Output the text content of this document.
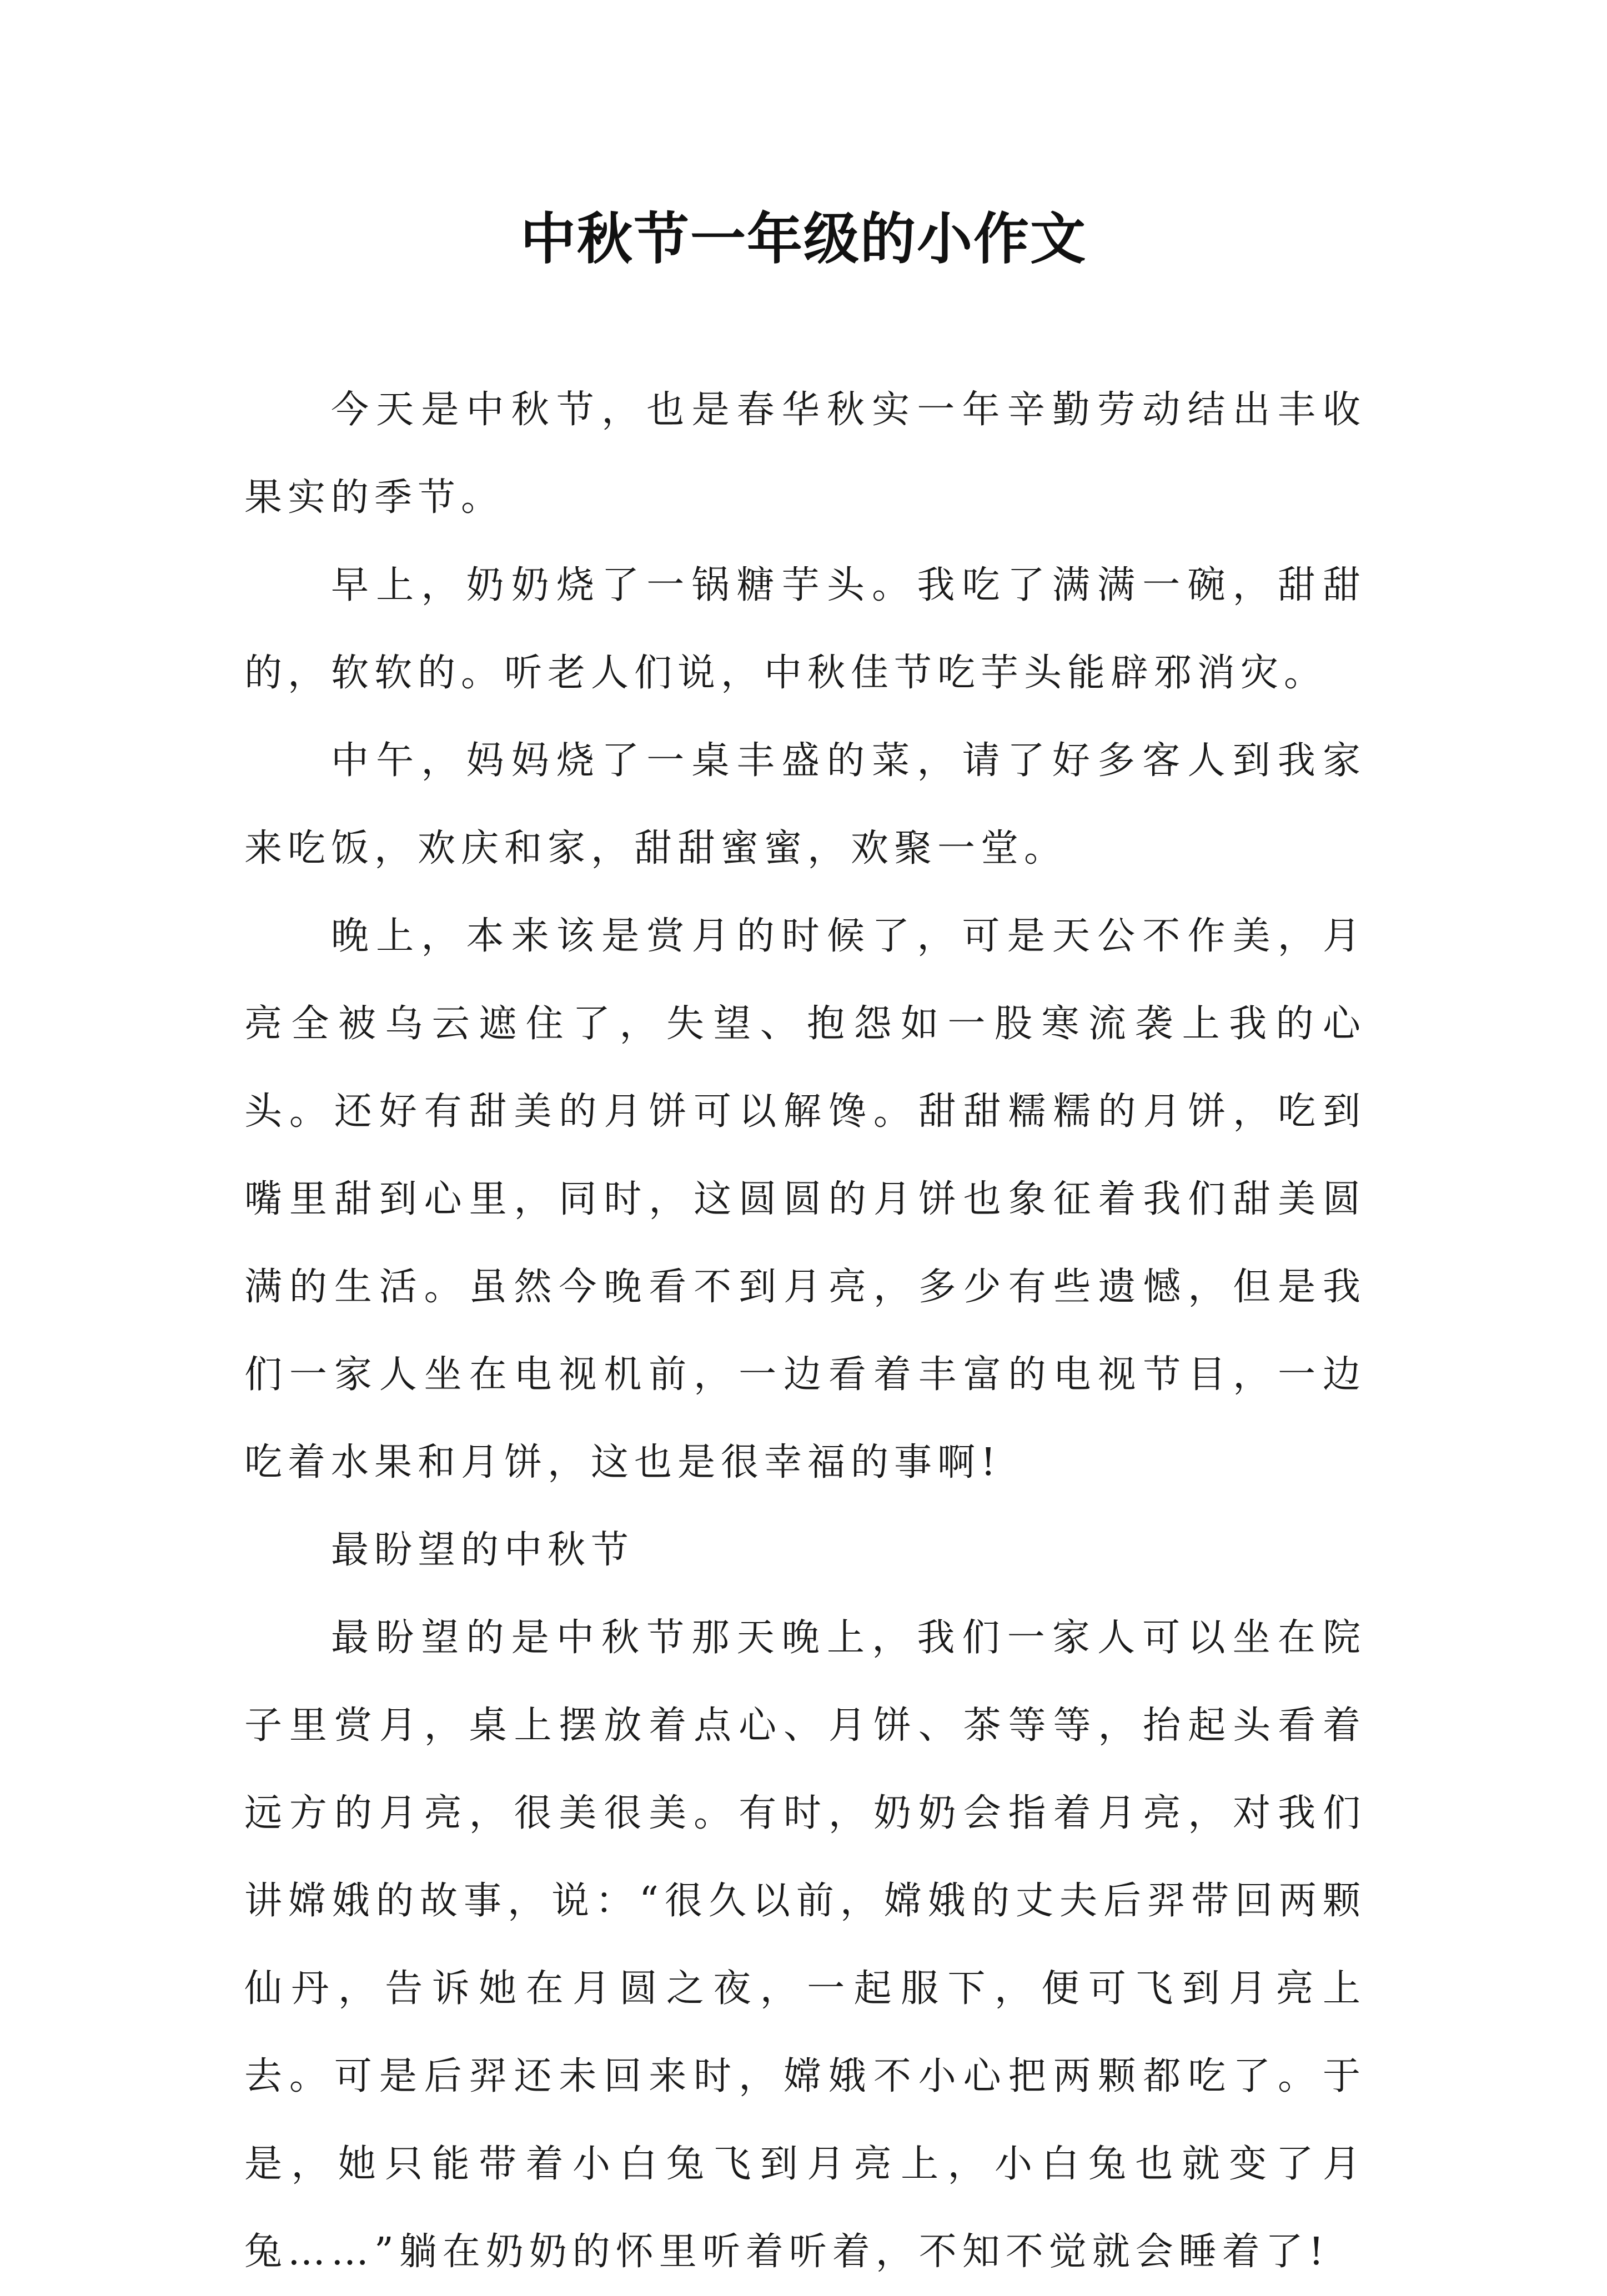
中秋节一年级的小作文

今天是中秋节，也是春华秋实一年辛勤劳动结出丰收果实的季节。

早上，奶奶烧了一锅糖芋头。我吃了满满一碗，甜甜的，软软的。听老人们说，中秋佳节吃芋头能辟邪消灾。

中午，妈妈烧了一桌丰盛的菜，请了好多客人到我家来吃饭，欢庆和家，甜甜蜜蜜，欢聚一堂。

晚上，本来该是赏月的时候了，可是天公不作美，月亮全被乌云遮住了，失望、抱怨如一股寒流袭上我的心头。还好有甜美的月饼可以解馋。甜甜糯糯的月饼，吃到嘴里甜到心里，同时，这圆圆的月饼也象征着我们甜美圆满的生活。虽然今晚看不到月亮，多少有些遗憾，但是我们一家人坐在电视机前，一边看着丰富的电视节目，一边吃着水果和月饼，这也是很幸福的事啊!

最盼望的中秋节

最盼望的是中秋节那天晚上，我们一家人可以坐在院子里赏月，桌上摆放着点心、月饼、茶等等，抬起头看着远方的月亮，很美很美。有时，奶奶会指着月亮，对我们讲嫦娥的故事，说：“很久以前，嫦娥的丈夫后羿带回两颗仙丹，告诉她在月圆之夜，一起服下，便可飞到月亮上去。可是后羿还未回来时，嫦娥不小心把两颗都吃了。于是，她只能带着小白兔飞到月亮上，小白兔也就变了月兔……”躺在奶奶的怀里听着听着，不知不觉就会睡着了!
